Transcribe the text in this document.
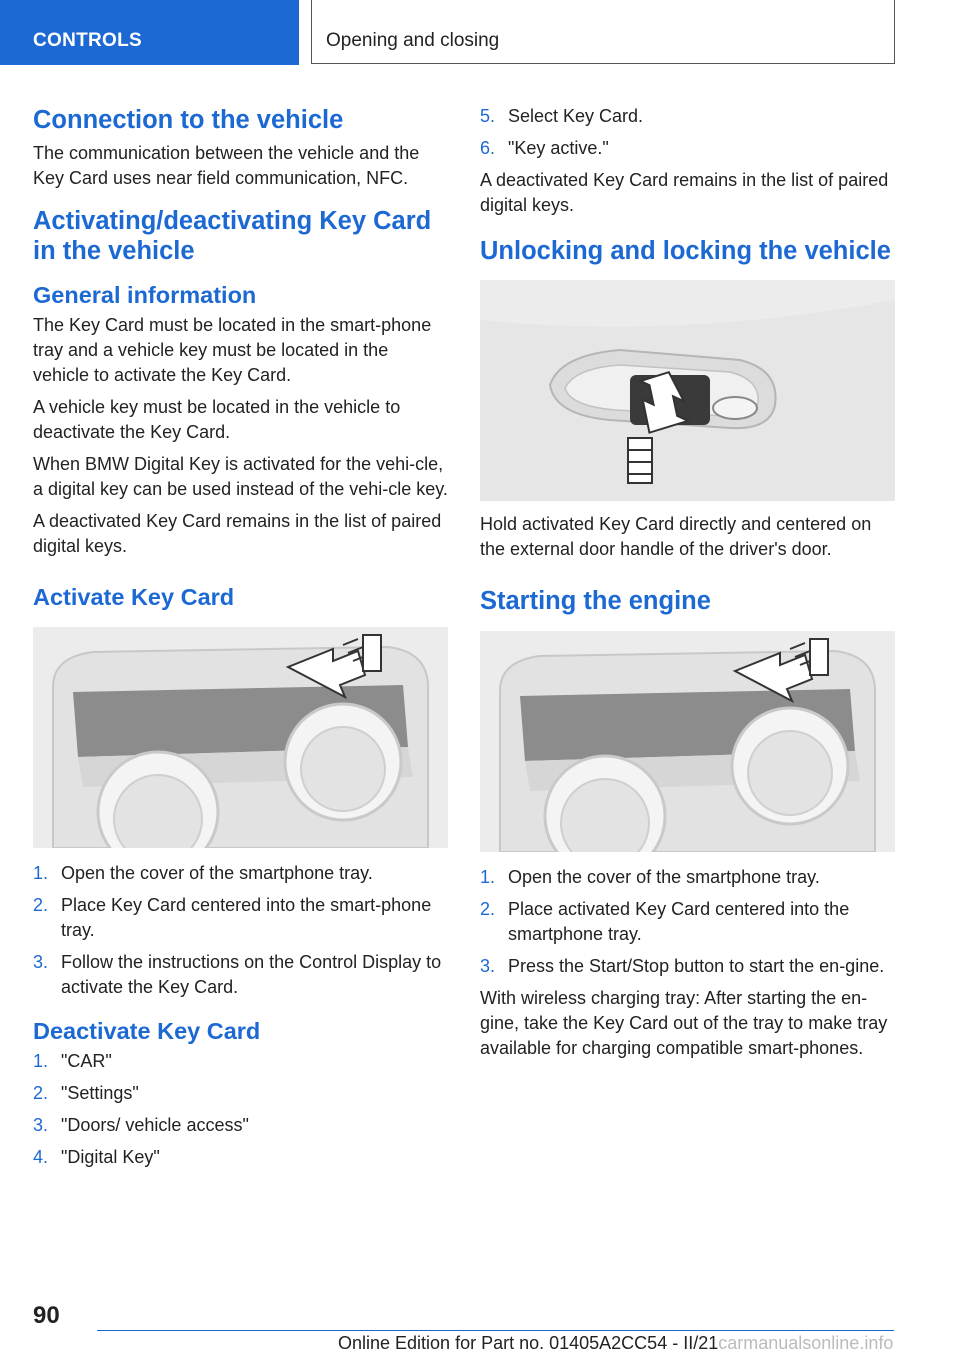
CONTROLS	Opening and closing
Connection to the vehicle

The communication between the vehicle and the Key Card uses near field communication, NFC.

Activating/deactivating Key Card in the vehicle
General information

The Key Card must be located in the smart-phone tray and a vehicle key must be located in the vehicle to activate the Key Card.

A vehicle key must be located in the vehicle to deactivate the Key Card.

When BMW Digital Key is activated for the vehi-cle, a digital key can be used instead of the vehi-cle key.

A deactivated Key Card remains in the list of paired digital keys.

Activate Key Card
1. Open the cover of the smartphone tray.
2. Place Key Card centered into the smart-phone tray.
3. Follow the instructions on the Control Display to activate the Key Card.
Deactivate Key Card
1. "CAR"
2. "Settings"
3. "Doors/ vehicle access"
4. "Digital Key"
5. Select Key Card.
6. "Key active."

A deactivated Key Card remains in the list of paired digital keys.

Unlocking and locking the vehicle

Hold activated Key Card directly and centered on the external door handle of the driver's door.

Starting the engine
1. Open the cover of the smartphone tray.
2. Place activated Key Card centered into the smartphone tray.
3. Press the Start/Stop button to start the en-gine.

With wireless charging tray: After starting the en-gine, take the Key Card out of the tray to make tray available for charging compatible smart-phones.

90
Online Edition for Part no. 01405A2CC54 - II/21carmanualsonline.info
